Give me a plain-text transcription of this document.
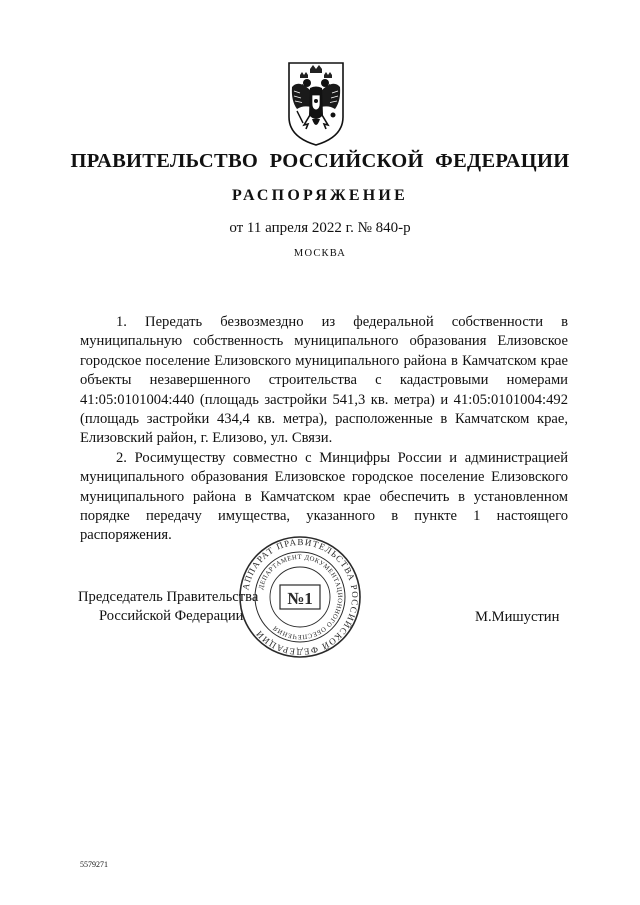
ПРАВИТЕЛЬСТВО РОССИЙСКОЙ ФЕДЕРАЦИИ
РАСПОРЯЖЕНИЕ

от 11 апреля 2022 г. № 840-р

МОСКВА

1. Передать безвозмездно из федеральной собственности в муниципальную собственность муниципального образования Елизовское городское поселение Елизовского муниципального района в Камчатском крае объекты незавершенного строительства с кадастровыми номерами 41:05:0101004:440 (площадь застройки 541,3 кв. метра) и 41:05:0101004:492 (площадь застройки 434,4 кв. метра), расположенные в Камчатском крае, Елизовский район, г. Елизово, ул. Связи.

2. Росимуществу совместно с Минцифры России и администрацией муниципального образования Елизовское городское поселение Елизовского муниципального района в Камчатском крае обеспечить в установленном порядке передачу имущества, указанного в пункте 1 настоящего распоряжения.

Председатель Правительства
Российской Федерации	М.Мишустин
АППАРАТ ПРАВИТЕЛЬСТВА РОССИЙСКОЙ ФЕДЕРАЦИИ
ДЕПАРТАМЕНТ ДОКУМЕНТАЦИОННОГО ОБЕСПЕЧЕНИЯ
№1
5579271
